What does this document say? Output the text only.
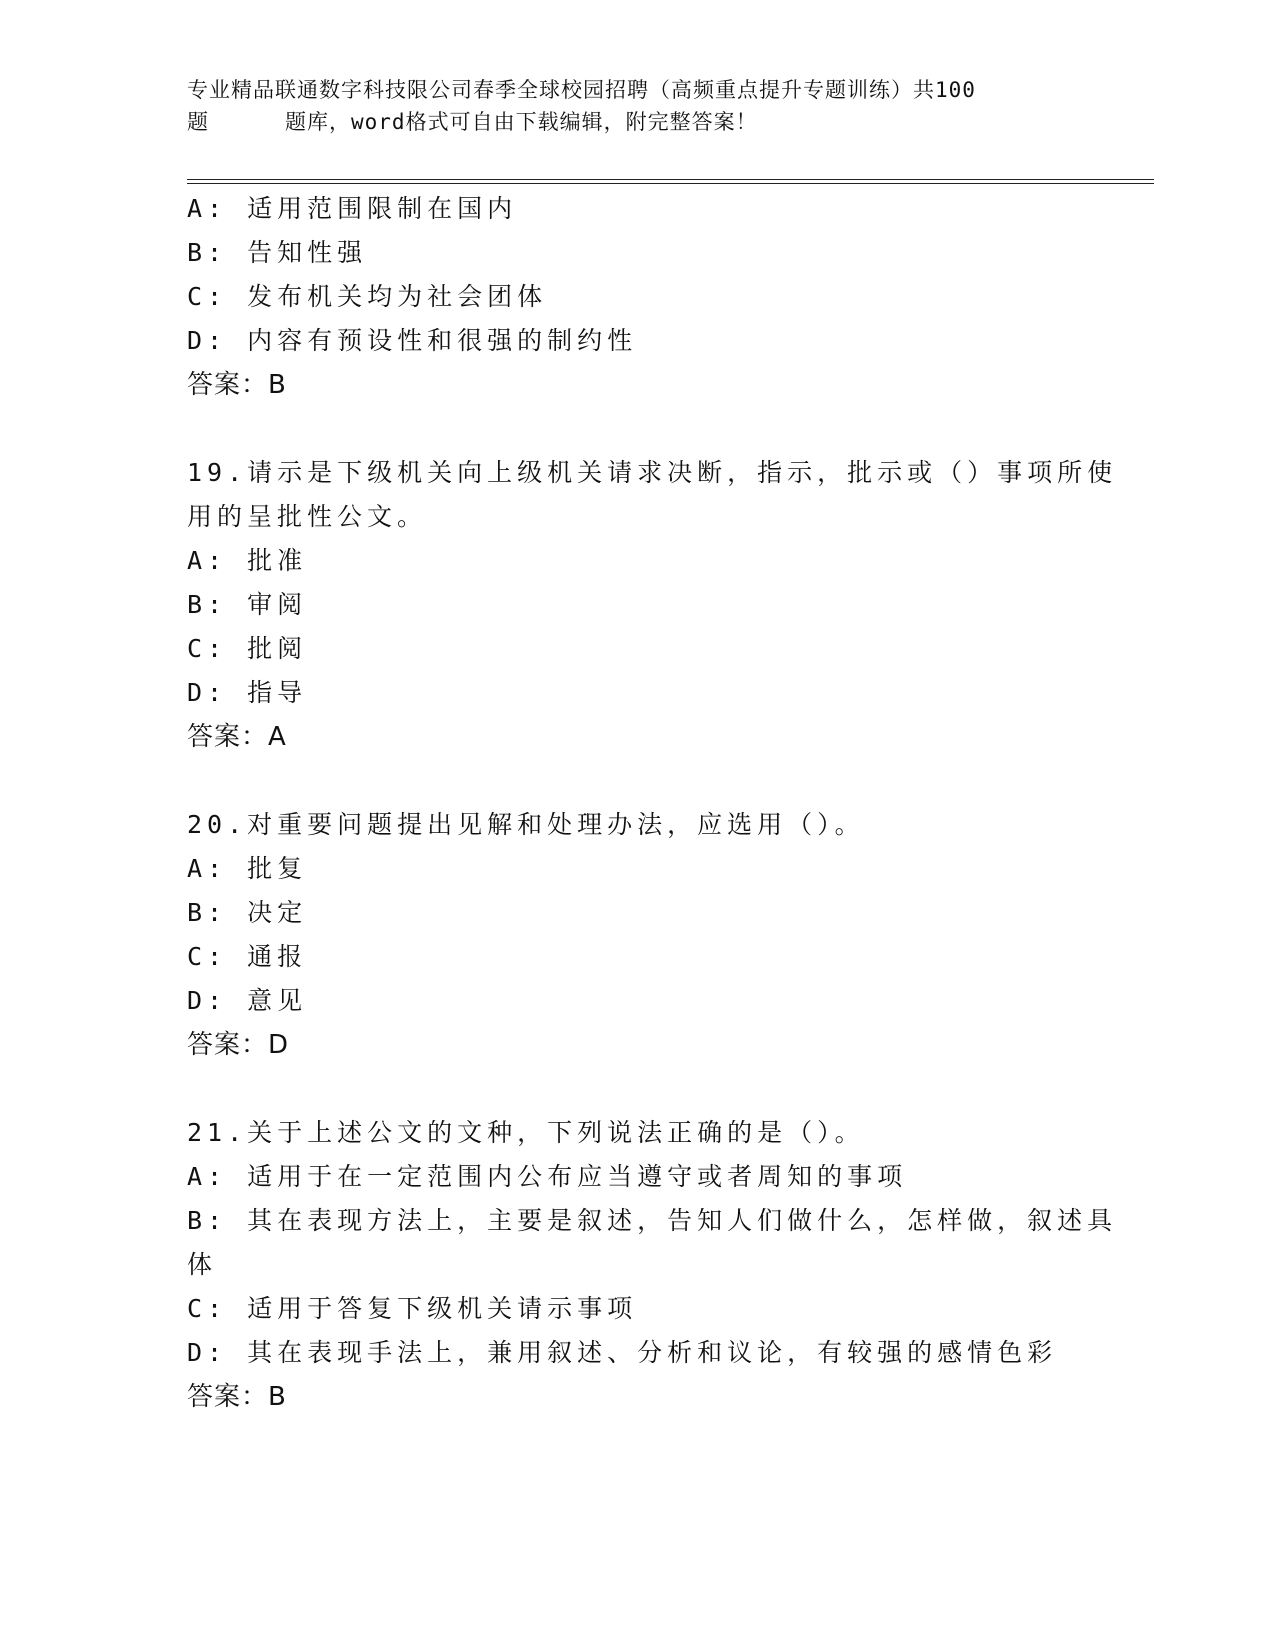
专业精品联通数字科技限公司春季全球校园招聘（高频重点提升专题训练）共100
题	题库，word格式可自由下载编辑，附完整答案！
A: 适用范围限制在国内
B: 告知性强
C: 发布机关均为社会团体
D: 内容有预设性和很强的制约性
答案：B
19.请示是下级机关向上级机关请求决断，指示，批示或（）事项所使
用的呈批性公文。
A: 批准
B: 审阅
C: 批阅
D: 指导
答案：A
20.对重要问题提出见解和处理办法，应选用（）。
A: 批复
B: 决定
C: 通报
D: 意见
答案：D
21.关于上述公文的文种，下列说法正确的是（）。
A: 适用于在一定范围内公布应当遵守或者周知的事项
B: 其在表现方法上，主要是叙述，告知人们做什么，怎样做，叙述具
体
C: 适用于答复下级机关请示事项
D: 其在表现手法上，兼用叙述、分析和议论，有较强的感情色彩
答案：B
